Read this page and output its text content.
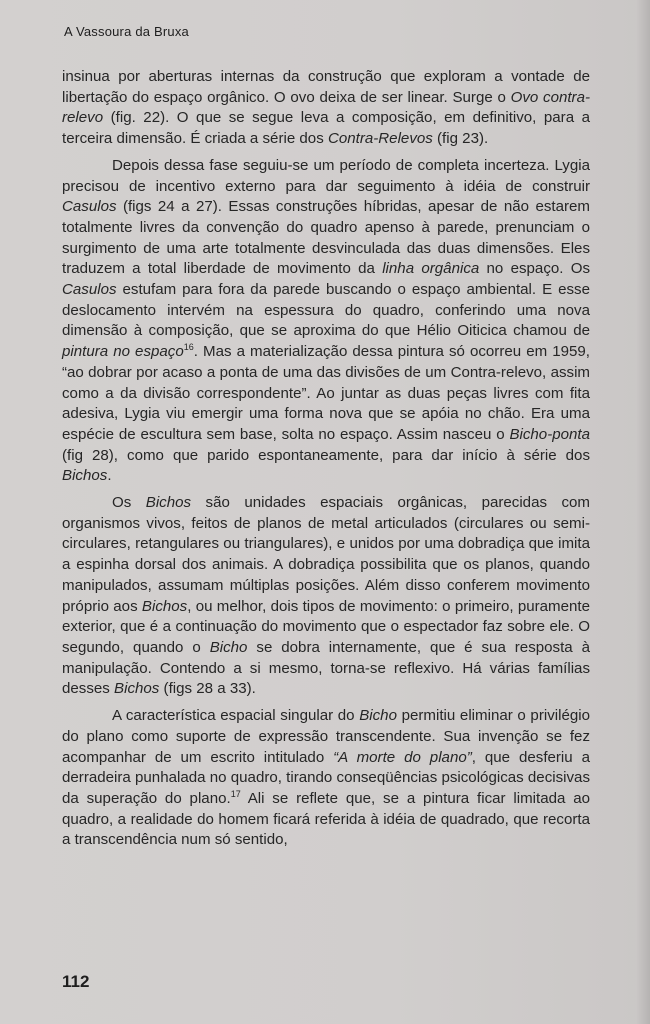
A Vassoura da Bruxa

insinua por aberturas internas da construção que exploram a vontade de libertação do espaço orgânico. O ovo deixa de ser linear. Surge o Ovo contra-relevo (fig. 22). O que se segue leva a composição, em definitivo, para a terceira dimensão. É criada a série dos Contra-Relevos (fig 23).

Depois dessa fase seguiu-se um período de completa incerteza. Lygia precisou de incentivo externo para dar seguimento à idéia de construir Casulos (figs 24 a 27). Essas construções híbridas, apesar de não estarem totalmente livres da convenção do quadro apenso à parede, prenunciam o surgimento de uma arte totalmente desvinculada das duas dimensões. Eles traduzem a total liberdade de movimento da linha orgânica no espaço. Os Casulos estufam para fora da parede buscando o espaço ambiental. E esse deslocamento intervém na espessura do quadro, conferindo uma nova dimensão à composição, que se aproxima do que Hélio Oiticica chamou de pintura no espaço$^{16}$. Mas a materialização dessa pintura só ocorreu em 1959, “ao dobrar por acaso a ponta de uma das divisões de um Contra-relevo, assim como a da divisão correspondente”. Ao juntar as duas peças livres com fita adesiva, Lygia viu emergir uma forma nova que se apóia no chão. Era uma espécie de escultura sem base, solta no espaço. Assim nasceu o Bicho-ponta (fig 28), como que parido espontaneamente, para dar início à série dos Bichos.

Os Bichos são unidades espaciais orgânicas, parecidas com organismos vivos, feitos de planos de metal articulados (circulares ou semi-circulares, retangulares ou triangulares), e unidos por uma dobradiça que imita a espinha dorsal dos animais. A dobradiça possibilita que os planos, quando manipulados, assumam múltiplas posições. Além disso conferem movimento próprio aos Bichos, ou melhor, dois tipos de movimento: o primeiro, puramente exterior, que é a continuação do movimento que o espectador faz sobre ele. O segundo, quando o Bicho se dobra internamente, que é sua resposta à manipulação. Contendo a si mesmo, torna-se reflexivo. Há várias famílias desses Bichos (figs 28 a 33).

A característica espacial singular do Bicho permitiu eliminar o privilégio do plano como suporte de expressão transcendente. Sua invenção se fez acompanhar de um escrito intitulado “A morte do plano”, que desferiu a derradeira punhalada no quadro, tirando conseqüências psicológicas decisivas da superação do plano.$^{17}$ Ali se reflete que, se a pintura ficar limitada ao quadro, a realidade do homem ficará referida à idéia de quadrado, que recorta a transcendência num só sentido,

112
